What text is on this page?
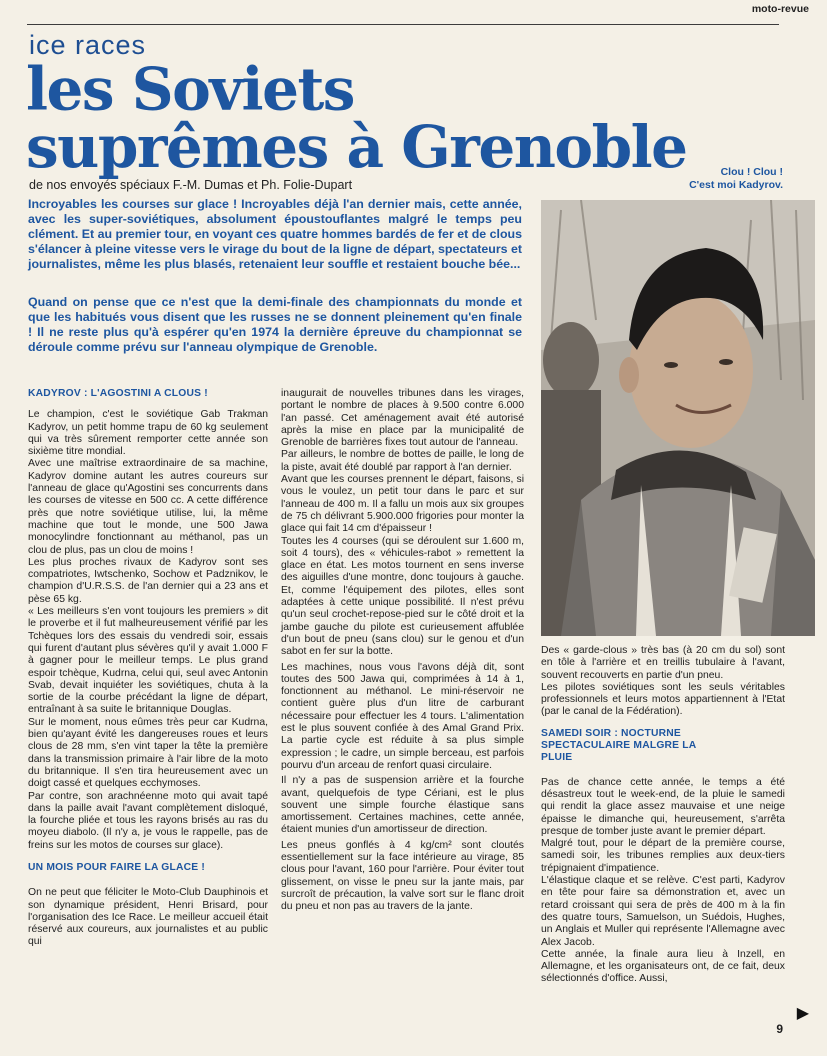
moto-revue
ice races
les Soviets
suprêmes à Grenoble
de nos envoyés spéciaux F.-M. Dumas et Ph. Folie-Dupart
Clou ! Clou !
C'est moi Kadyrov.
Incroyables les courses sur glace ! Incroyables déjà l'an dernier mais, cette année, avec les super-soviétiques, absolument époustouflantes malgré le temps peu clément. Et au premier tour, en voyant ces quatre hommes bardés de fer et de clous s'élancer à pleine vitesse vers le virage du bout de la ligne de départ, spectateurs et journalistes, même les plus blasés, retenaient leur souffle et restaient bouche bée...
Quand on pense que ce n'est que la demi-finale des championnats du monde et que les habitués vous disent que les russes ne se donnent pleinement qu'en finale ! Il ne reste plus qu'à espérer qu'en 1974 la dernière épreuve du championnat se déroule comme prévu sur l'anneau olympique de Grenoble.

KADYROV : L'AGOSTINI A CLOUS !

Le champion, c'est le soviétique Gab Trakman Kadyrov, un petit homme trapu de 60 kg seulement qui va très sûrement remporter cette année son sixième titre mondial.

Avec une maîtrise extraordinaire de sa machine, Kadyrov domine autant les autres coureurs sur l'anneau de glace qu'Agostini ses concurrents dans les courses de vitesse en 500 cc. A cette différence près que notre soviétique utilise, lui, la même machine que tout le monde, une 500 Jawa monocylindre fonctionnant au méthanol, pas un clou de plus, pas un clou de moins !

Les plus proches rivaux de Kadyrov sont ses compatriotes, Iwtschenko, Sochow et Padznikov, le champion d'U.R.S.S. de l'an dernier qui a 23 ans et pèse 65 kg.

« Les meilleurs s'en vont toujours les premiers » dit le proverbe et il fut malheureusement vérifié par les Tchèques lors des essais du vendredi soir, essais qui furent d'autant plus sévères qu'il y avait 1.000 F à gagner pour le meilleur temps. Le plus grand espoir tchèque, Kudrna, celui qui, seul avec Antonin Svab, devait inquiéter les soviétiques, chuta à la sortie de la courbe précédant la ligne de départ, entraînant à sa suite le britannique Douglas.

Sur le moment, nous eûmes très peur car Kudrna, bien qu'ayant évité les dangereuses roues et leurs clous de 28 mm, s'en vint taper la tête la première dans la transmission primaire à l'air libre de la moto du britannique. Il s'en tira heureusement avec un doigt cassé et quelques ecchymoses.

Par contre, son arachnéenne moto qui avait tapé dans la paille avait l'avant complètement disloqué, la fourche pliée et tous les rayons brisés au ras du moyeu diabolo. (Il n'y a, je vous le rappelle, pas de freins sur les motos de courses sur glace).

UN MOIS POUR FAIRE LA GLACE !

On ne peut que féliciter le Moto-Club Dauphinois et son dynamique président, Henri Brisard, pour l'organisation des Ice Race. Le meilleur accueil était réservé aux coureurs, aux journalistes et au public qui

inaugurait de nouvelles tribunes dans les virages, portant le nombre de places à 9.500 contre 6.000 l'an passé. Cet aménagement avait été autorisé après la mise en place par la municipalité de Grenoble de barrières fixes tout autour de l'anneau.

Par ailleurs, le nombre de bottes de paille, le long de la piste, avait été doublé par rapport à l'an dernier.

Avant que les courses prennent le départ, faisons, si vous le voulez, un petit tour dans le parc et sur l'anneau de 400 m. Il a fallu un mois aux six groupes de 75 ch délivrant 5.900.000 frigories pour monter la glace qui fait 14 cm d'épaisseur !

Toutes les 4 courses (qui se déroulent sur 1.600 m, soit 4 tours), des « véhicules-rabot » remettent la glace en état. Les motos tournent en sens inverse des aiguilles d'une montre, donc toujours à gauche. Et, comme l'équipement des pilotes, elles sont adaptées à cette unique possibilité. Il n'est prévu qu'un seul crochet-repose-pied sur le côté droit et la jambe gauche du pilote est curieusement affublée d'un bout de pneu (sans clou) sur le genou et d'un sabot en fer sur la botte.

Les machines, nous vous l'avons déjà dit, sont toutes des 500 Jawa qui, comprimées à 14 à 1, fonctionnent au méthanol. Le mini-réservoir ne contient guère plus d'un litre de carburant nécessaire pour effectuer les 4 tours. L'alimentation est le plus souvent confiée à des Amal Grand Prix. La partie cycle est réduite à sa plus simple expression ; le cadre, un simple berceau, est parfois pourvu d'un arceau de renfort quasi circulaire.

Il n'y a pas de suspension arrière et la fourche avant, quelquefois de type Cériani, est le plus souvent une simple fourche élastique sans amortissement. Certaines machines, cette année, étaient munies d'un amortisseur de direction.

Les pneus gonflés à 4 kg/cm² sont cloutés essentiellement sur la face intérieure au virage, 85 clous pour l'avant, 160 pour l'arrière. Pour éviter tout glissement, on visse le pneu sur la jante mais, par surcroît de précaution, la valve sort sur le flanc droit du pneu et non pas au travers de la jante.

Des « garde-clous » très bas (à 20 cm du sol) sont en tôle à l'arrière et en treillis tubulaire à l'avant, souvent recouverts en partie d'un pneu.

Les pilotes soviétiques sont les seuls véritables professionnels et leurs motos appartiennent à l'Etat (par le canal de la Fédération).

SAMEDI SOIR : NOCTURNE SPECTACULAIRE MALGRE LA PLUIE

Pas de chance cette année, le temps a été désastreux tout le week-end, de la pluie le samedi qui rendit la glace assez mauvaise et une neige épaisse le dimanche qui, heureusement, s'arrêta presque de tomber juste avant le premier départ.

Malgré tout, pour le départ de la première course, samedi soir, les tribunes remplies aux deux-tiers trépignaient d'impatience.

L'élastique claque et se relève. C'est parti, Kadyrov en tête pour faire sa démonstration et, avec un retard croissant qui sera de près de 400 m à la fin des quatre tours, Samuelson, un Suédois, Hughes, un Anglais et Muller qui représente l'Allemagne avec Alex Jacob.

Cette année, la finale aura lieu à Inzell, en Allemagne, et les organisateurs ont, de ce fait, deux sélectionnés d'office. Aussi,

▶
9
